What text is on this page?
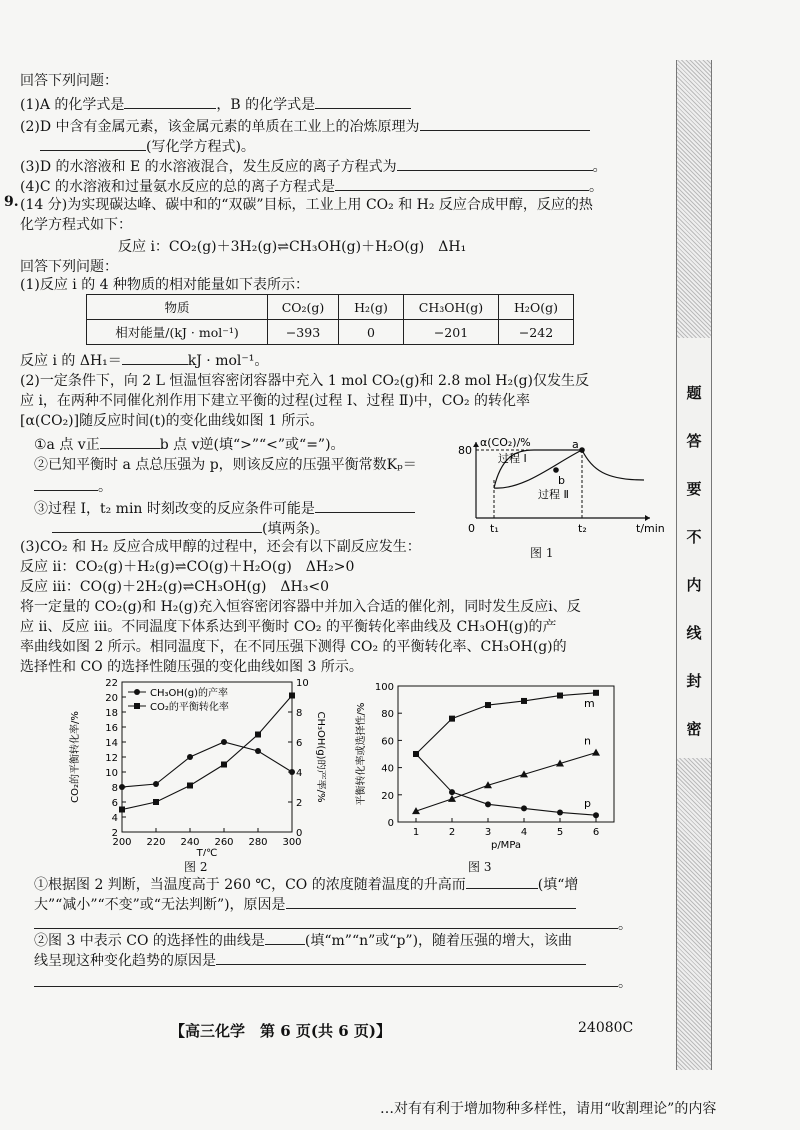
题
答
要
不
内
线
封
密
回答下列问题：
(1)A 的化学式是	，B 的化学式是
(2)D 中含有金属元素，该金属元素的单质在工业上的冶炼原理为
(写化学方程式)。
(3)D 的水溶液和 E 的水溶液混合，发生反应的离子方程式为	。
(4)C 的水溶液和过量氨水反应的总的离子方程式是	。
9. (14 分)为实现碳达峰、碳中和的“双碳”目标，工业上用 CO₂ 和 H₂ 反应合成甲醇，反应的热
化学方程式如下：
反应 i：CO₂(g)＋3H₂(g)⇌CH₃OH(g)＋H₂O(g)　ΔH₁
回答下列问题：
(1)反应 i 的 4 种物质的相对能量如下表所示：
物质	CO₂(g)	H₂(g)	CH₃OH(g)	H₂O(g)
相对能量/(kJ · mol⁻¹)	−393	0	−201	−242
反应 i 的 ΔH₁＝	kJ · mol⁻¹。
(2)一定条件下，向 2 L 恒温恒容密闭容器中充入 1 mol CO₂(g)和 2.8 mol H₂(g)仅发生反
应 i，在两种不同催化剂作用下建立平衡的过程(过程 Ⅰ、过程 Ⅱ)中，CO₂ 的转化率
[α(CO₂)]随反应时间(t)的变化曲线如图 1 所示。
①a 点 v正	b 点 v逆(填“>”“<”或“=”)。
②已知平衡时 a 点总压强为 p，则该反应的压强平衡常数Kₚ＝
。
③过程 Ⅰ，t₂ min 时刻改变的反应条件可能是
(填两条)。
α(CO₂)/%
t/min
80
0 t₁	t₂
过程 Ⅰ
过程 Ⅱ
a
b
图 1
(3)CO₂ 和 H₂ 反应合成甲醇的过程中，还会有以下副反应发生：
反应 ii：CO₂(g)＋H₂(g)⇌CO(g)＋H₂O(g)　ΔH₂>0
反应 iii：CO(g)＋2H₂(g)⇌CH₃OH(g)　ΔH₃<0
将一定量的 CO₂(g)和 H₂(g)充入恒容密闭容器中并加入合适的催化剂，同时发生反应i、反
应 ii、反应 iii。不同温度下体系达到平衡时 CO₂ 的平衡转化率曲线及 CH₃OH(g)的产
率曲线如图 2 所示。相同温度下，在不同压强下测得 CO₂ 的平衡转化率、CH₃OH(g)的
选择性和 CO 的选择性随压强的变化曲线如图 3 所示。
2
4
6
8
10
12
14
16
18
20
22
0
2
4
6
8
10
200 220 240 260 280 300
T/℃
CO₂的平衡转化率/%	CH₃OH(g)的产率/%
CH₃OH(g)的产率
CO₂的平衡转化率
图 2
0
20
40
60
80
100
1	2	3	4	5	6
p/MPa
平衡转化率或选择性/%	m
n
p
图 3
①根据图 2 判断，当温度高于 260 ℃，CO 的浓度随着温度的升高而	(填“增
大”“减小”“不变”或“无法判断”)，原因是
。
②图 3 中表示 CO 的选择性的曲线是	(填“m”“n”或“p”)，随着压强的增大，该曲
线呈现这种变化趋势的原因是
。
【高三化学　第 6 页(共 6 页)】	24080C
…对有有利于增加物种多样性，请用“收割理论”的内容
